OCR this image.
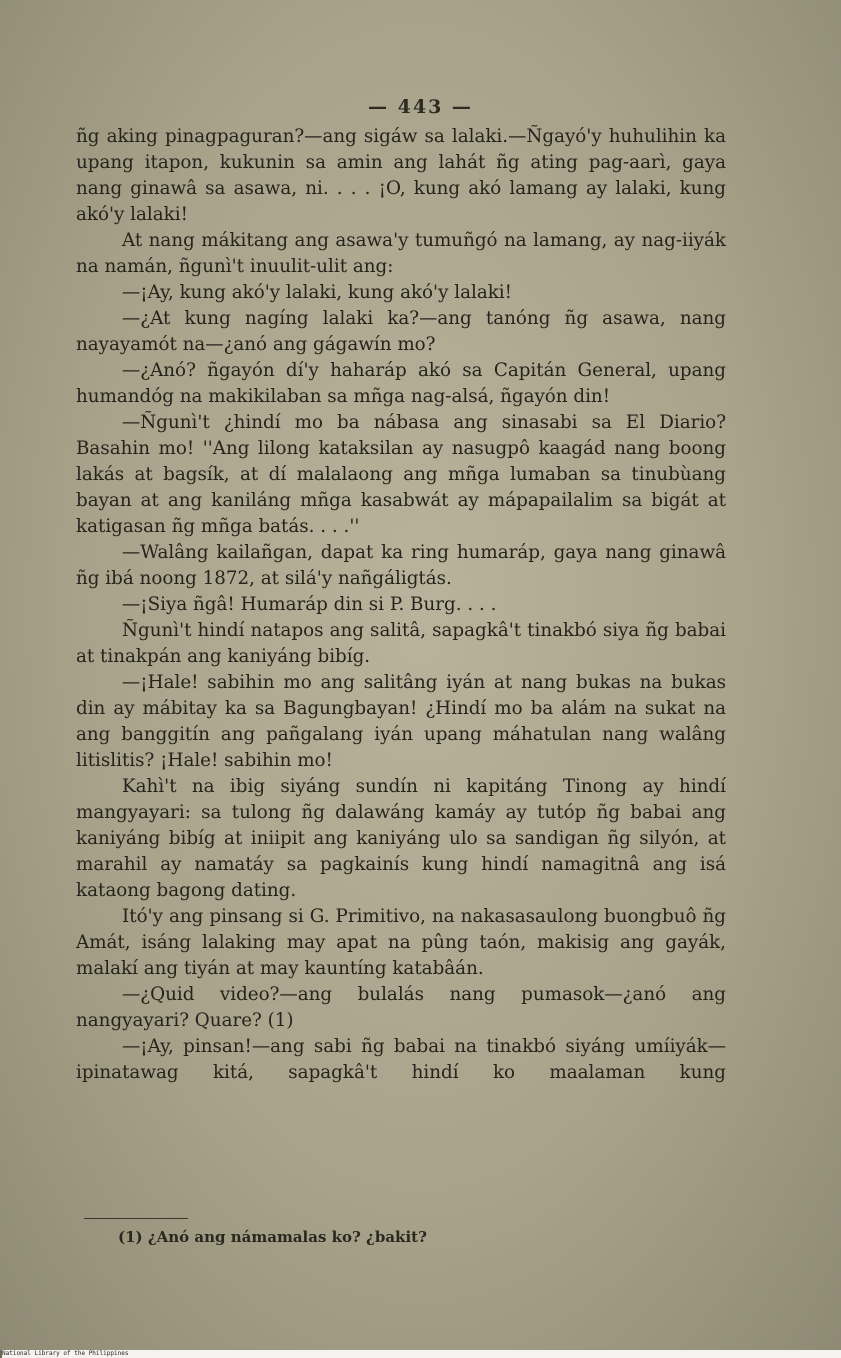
— 443 —

ñg aking pinagpaguran?—ang sigáw sa lalaki.—Ñgayó'y huhulihin ka upang itapon, kukunin sa amin ang lahát ñg ating pag-aarì, gaya nang ginawâ sa asawa, ni. . . . ¡O, kung akó lamang ay lalaki, kung akó'y lalaki!

At nang mákitang ang asawa'y tumuñgó na lamang, ay nag-iiyák na namán, ñgunì't inuulit-ulit ang:

—¡Ay, kung akó'y lalaki, kung akó'y lalaki!

—¿At kung nagíng lalaki ka?—ang tanóng ñg asawa, nang nayayamót na—¿anó ang gágawín mo?

—¿Anó? ñgayón dí'y haharáp akó sa Capitán General, upang humandóg na makikilaban sa mñga nag-alsá, ñgayón din!

—Ñgunì't ¿hindí mo ba nábasa ang sinasabi sa El Diario? Basahin mo! ''Ang lilong kataksilan ay nasugpô kaagád nang boong lakás at bagsík, at dí malalaong ang mñga lumaban sa tinubùang bayan at ang kaniláng mñga kasabwát ay mápapailalim sa bigát at katigasan ñg mñga batás. . . .''

—Walâng kailañgan, dapat ka ring humaráp, gaya nang ginawâ ñg ibá noong 1872, at silá'y nañgáligtás.

—¡Siya ñgâ! Humaráp din si P. Burg. . . .

Ñgunì't hindí natapos ang salitâ, sapagkâ't tinakbó siya ñg babai at tinakpán ang kaniyáng bibíg.

—¡Hale! sabihin mo ang salitâng iyán at nang bukas na bukas din ay mábitay ka sa Bagungbayan! ¿Hindí mo ba alám na sukat na ang banggitín ang pañgalang iyán upang máhatulan nang walâng litislitis? ¡Hale! sabihin mo!

Kahì't na ibig siyáng sundín ni kapitáng Tinong ay hindí mangyayari: sa tulong ñg dalawáng kamáy ay tutóp ñg babai ang kaniyáng bibíg at iniipit ang kaniyáng ulo sa sandigan ñg silyón, at marahil ay namatáy sa pagkainís kung hindí namagitnâ ang isá kataong bagong dating.

Itó'y ang pinsang si G. Primitivo, na nakasasaulong buongbuô ñg Amát, isáng lalaking may apat na pûng taón, makisig ang gayák, malakí ang tiyán at may kauntíng katabâán.

—¿Quid video?—ang bulalás nang pumasok—¿anó ang nangyayari? Quare? (1)

—¡Ay, pinsan!—ang sabi ñg babai na tinakbó siyáng umíiyák—ipinatawag kitá, sapagkâ't hindí ko maalaman kung

(1) ¿Anó ang námamalas ko? ¿bakit?
National Library of the Philippines
